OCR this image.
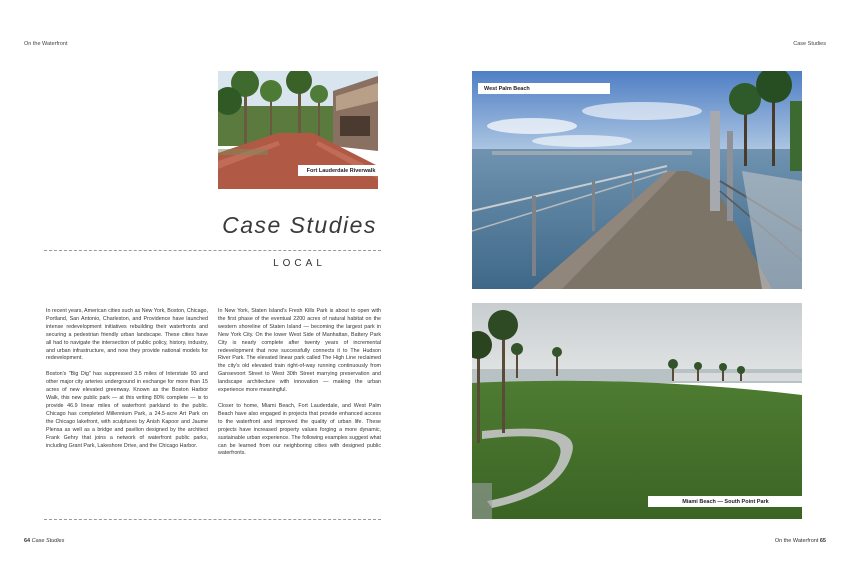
On the Waterfront	Case Studies
Fort Lauderdale Riverwalk
Case Studies
LOCAL

In recent years, American cities such as New York, Boston, Chicago, Portland, San Antonio, Charleston, and Providence have launched intense redevelopment initiatives rebuilding their waterfronts and securing a pedestrian friendly urban landscape. These cities have all had to navigate the intersection of public policy, history, industry, and urban infrastructure, and now they provide national models for redevelopment.

Boston's "Big Dig" has suppressed 3.5 miles of Interstate 93 and other major city arteries underground in exchange for more than 15 acres of new elevated greenway. Known as the Boston Harbor Walk, this new public park — at this writing 80% complete — is to provide 46.9 linear miles of waterfront parkland to the public. Chicago has completed Millennium Park, a 24.5-acre Art Park on the Chicago lakefront, with sculptures by Anish Kapoor and Jaume Plensa as well as a bridge and pavilion designed by the architect Frank Gehry that joins a network of waterfront public parks, including Grant Park, Lakeshore Drive, and the Chicago Harbor.

In New York, Staten Island's Fresh Kills Park is about to open with the first phase of the eventual 2200 acres of natural habitat on the western shoreline of Staten Island — becoming the largest park in New York City. On the lower West Side of Manhattan, Battery Park City is nearly complete after twenty years of incremental redevelopment that now successfully connects it to The Hudson River Park. The elevated linear park called The High Line reclaimed the city's old elevated train right-of-way running continuously from Gansevoort Street to West 30th Street marrying preservation and landscape architecture with innovation — making the urban experience more meaningful.

Closer to home, Miami Beach, Fort Lauderdale, and West Palm Beach have also engaged in projects that provide enhanced access to the waterfront and improved the quality of urban life. These projects have increased property values forging a more dynamic, sustainable urban experience. The following examples suggest what can be learned from our neighboring cities with designed public waterfronts.

West Palm Beach
Miami Beach — South Point Park
64 Case Studies	On the Waterfront 65
